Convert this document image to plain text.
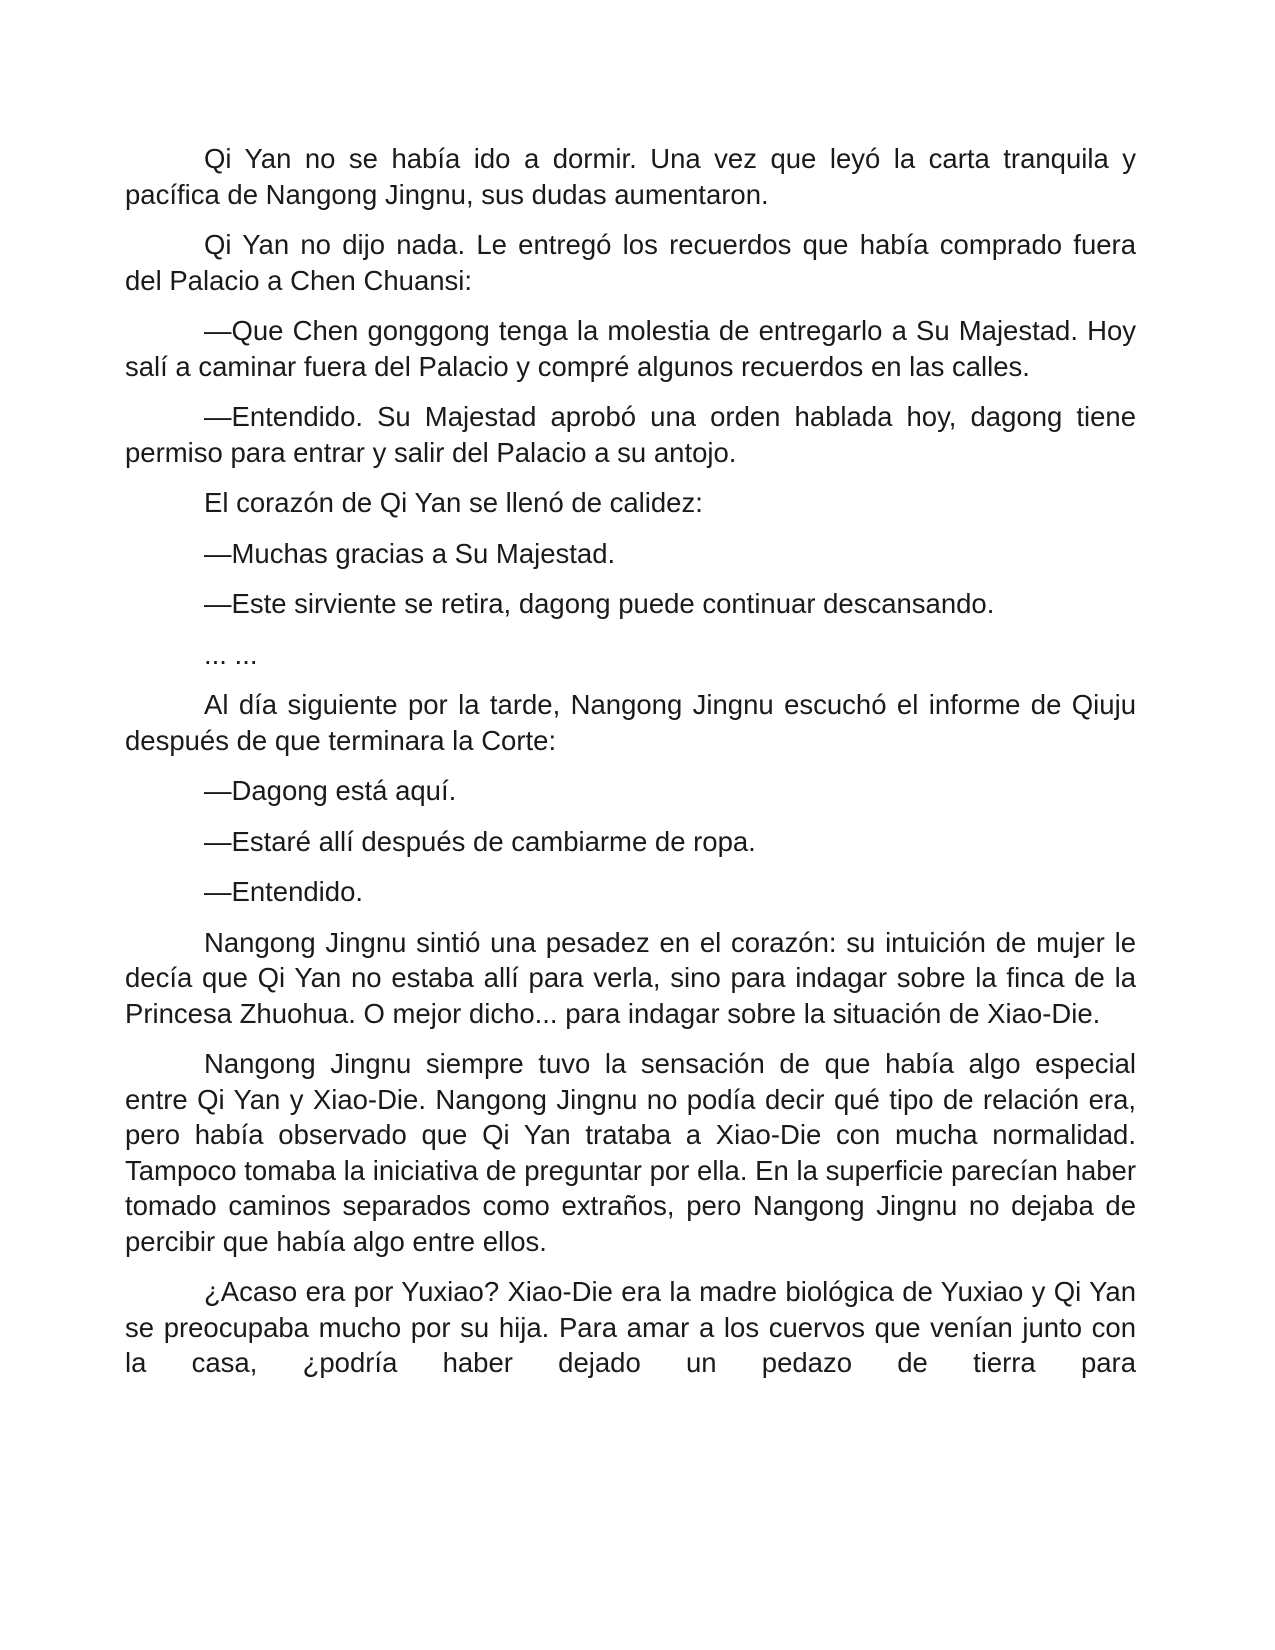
Qi Yan no se había ido a dormir. Una vez que leyó la carta tranquila y pacífica de Nangong Jingnu, sus dudas aumentaron.

Qi Yan no dijo nada. Le entregó los recuerdos que había comprado fuera del Palacio a Chen Chuansi:

—Que Chen gonggong tenga la molestia de entregarlo a Su Majestad. Hoy salí a caminar fuera del Palacio y compré algunos recuerdos en las calles.

—Entendido. Su Majestad aprobó una orden hablada hoy, dagong tiene permiso para entrar y salir del Palacio a su antojo.

El corazón de Qi Yan se llenó de calidez:

—Muchas gracias a Su Majestad.

—Este sirviente se retira, dagong puede continuar descansando.

... ...

Al día siguiente por la tarde, Nangong Jingnu escuchó el informe de Qiuju después de que terminara la Corte:

—Dagong está aquí.

—Estaré allí después de cambiarme de ropa.

—Entendido.

Nangong Jingnu sintió una pesadez en el corazón: su intuición de mujer le decía que Qi Yan no estaba allí para verla, sino para indagar sobre la finca de la Princesa Zhuohua. O mejor dicho... para indagar sobre la situación de Xiao-Die.

Nangong Jingnu siempre tuvo la sensación de que había algo especial entre Qi Yan y Xiao-Die. Nangong Jingnu no podía decir qué tipo de relación era, pero había observado que Qi Yan trataba a Xiao-Die con mucha normalidad. Tampoco tomaba la iniciativa de preguntar por ella. En la superficie parecían haber tomado caminos separados como extraños, pero Nangong Jingnu no dejaba de percibir que había algo entre ellos.

¿Acaso era por Yuxiao? Xiao-Die era la madre biológica de Yuxiao y Qi Yan se preocupaba mucho por su hija. Para amar a los cuervos que venían junto con la casa, ¿podría haber dejado un pedazo de tierra para
